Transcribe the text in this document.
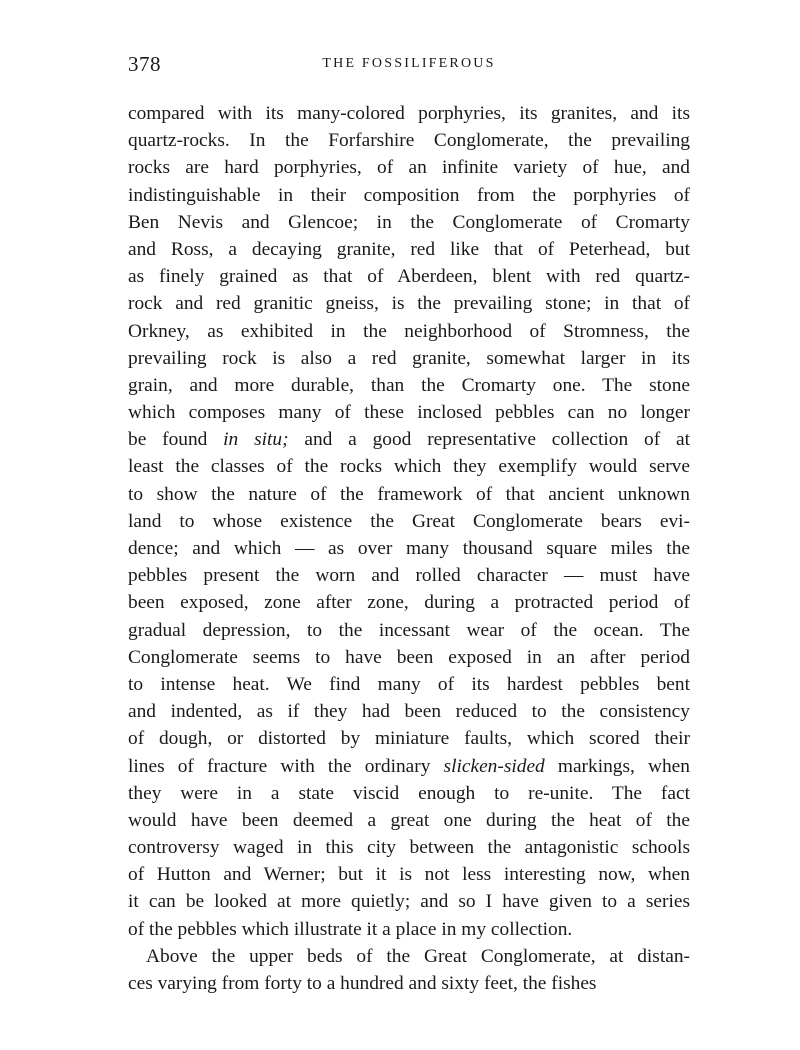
378	THE FOSSILIFEROUS
compared with its many-colored porphyries, its granites, and its
quartz-rocks. In the Forfarshire Conglomerate, the prevailing
rocks are hard porphyries, of an infinite variety of hue, and
indistinguishable in their composition from the porphyries of
Ben Nevis and Glencoe; in the Conglomerate of Cromarty
and Ross, a decaying granite, red like that of Peterhead, but
as finely grained as that of Aberdeen, blent with red quartz-
rock and red granitic gneiss, is the prevailing stone; in that of
Orkney, as exhibited in the neighborhood of Stromness, the
prevailing rock is also a red granite, somewhat larger in its
grain, and more durable, than the Cromarty one. The stone
which composes many of these inclosed pebbles can no longer
be found in situ; and a good representative collection of at
least the classes of the rocks which they exemplify would serve
to show the nature of the framework of that ancient unknown
land to whose existence the Great Conglomerate bears evi-
dence; and which — as over many thousand square miles the
pebbles present the worn and rolled character — must have
been exposed, zone after zone, during a protracted period of
gradual depression, to the incessant wear of the ocean. The
Conglomerate seems to have been exposed in an after period
to intense heat. We find many of its hardest pebbles bent
and indented, as if they had been reduced to the consistency
of dough, or distorted by miniature faults, which scored their
lines of fracture with the ordinary slicken-sided markings, when
they were in a state viscid enough to re-unite. The fact
would have been deemed a great one during the heat of the
controversy waged in this city between the antagonistic schools
of Hutton and Werner; but it is not less interesting now, when
it can be looked at more quietly; and so I have given to a series
of the pebbles which illustrate it a place in my collection.
Above the upper beds of the Great Conglomerate, at distan-
ces varying from forty to a hundred and sixty feet, the fishes
